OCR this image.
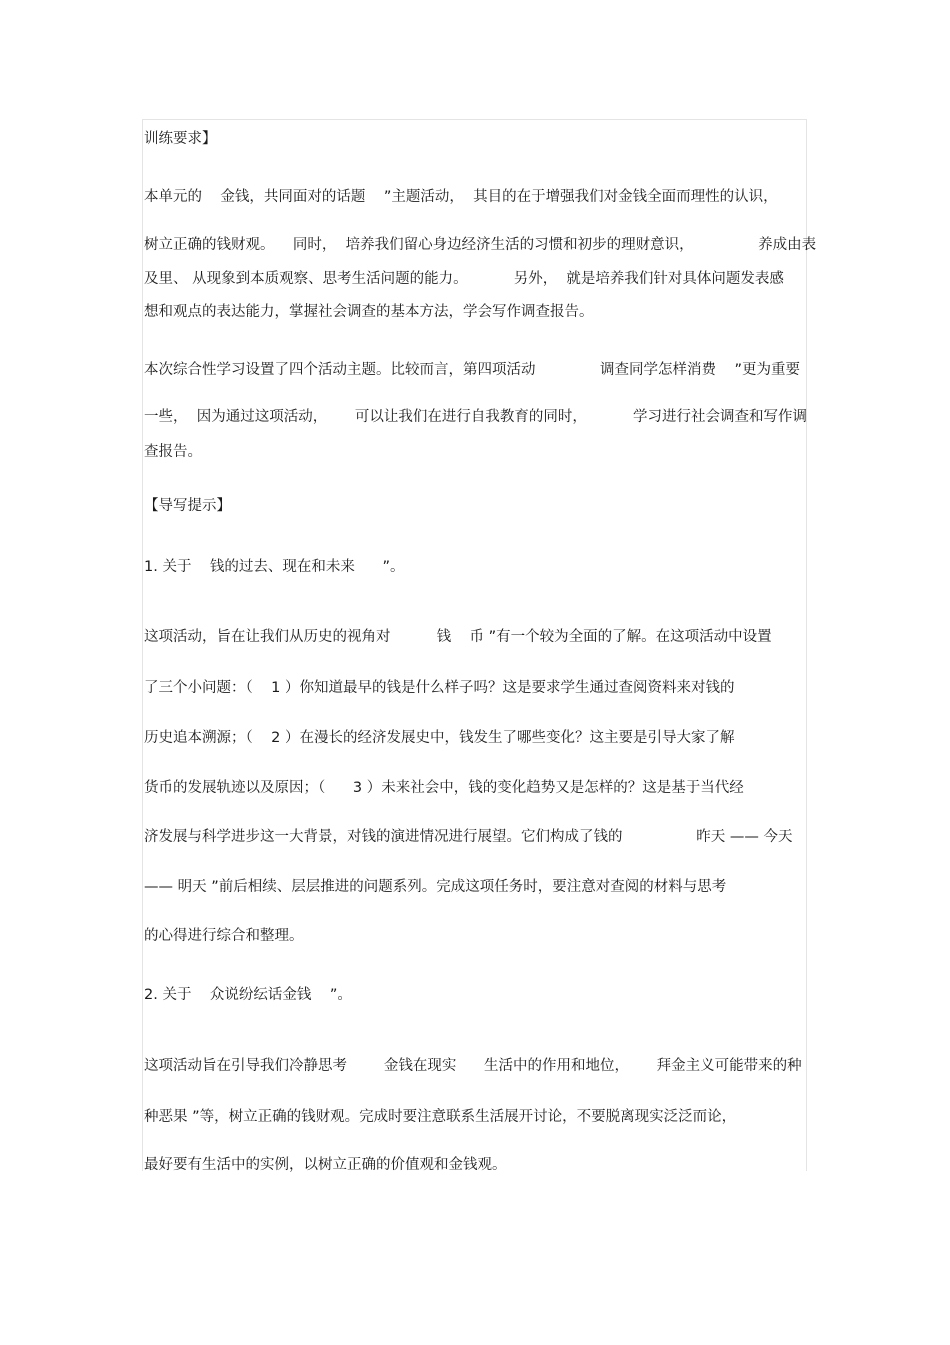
训练要求】
本单元的    金钱，共同面对的话题    ”主题活动，  其目的在于增强我们对金钱全面而理性的认识，
树立正确的钱财观。    同时，  培养我们留心身边经济生活的习惯和初步的理财意识，              养成由表
及里、 从现象到本质观察、思考生活问题的能力。          另外，  就是培养我们针对具体问题发表感
想和观点的表达能力，掌握社会调查的基本方法，学会写作调查报告。
本次综合性学习设置了四个活动主题。比较而言，第四项活动              调查同学怎样消费    ”更为重要
一些，  因为通过这项活动，      可以让我们在进行自我教育的同时，          学习进行社会调查和写作调
查报告。
【导写提示】
1. 关于    钱的过去、现在和未来      ”。
这项活动，旨在让我们从历史的视角对          钱    币 ”有一个较为全面的了解。在这项活动中设置
了三个小问题：（    1 ）你知道最早的钱是什么样子吗？这是要求学生通过查阅资料来对钱的
历史追本溯源；（    2 ）在漫长的经济发展史中，钱发生了哪些变化？这主要是引导大家了解
货币的发展轨迹以及原因；（      3 ）未来社会中，钱的变化趋势又是怎样的？这是基于当代经
济发展与科学进步这一大背景，对钱的演进情况进行展望。它们构成了钱的                昨天 —— 今天
—— 明天 ”前后相续、层层推进的问题系列。完成这项任务时，要注意对查阅的材料与思考
的心得进行综合和整理。
2. 关于    众说纷纭话金钱    ”。
这项活动旨在引导我们冷静思考        金钱在现实      生活中的作用和地位，      拜金主义可能带来的种
种恶果 ”等，树立正确的钱财观。完成时要注意联系生活展开讨论，不要脱离现实泛泛而论，
最好要有生活中的实例，以树立正确的价值观和金钱观。
